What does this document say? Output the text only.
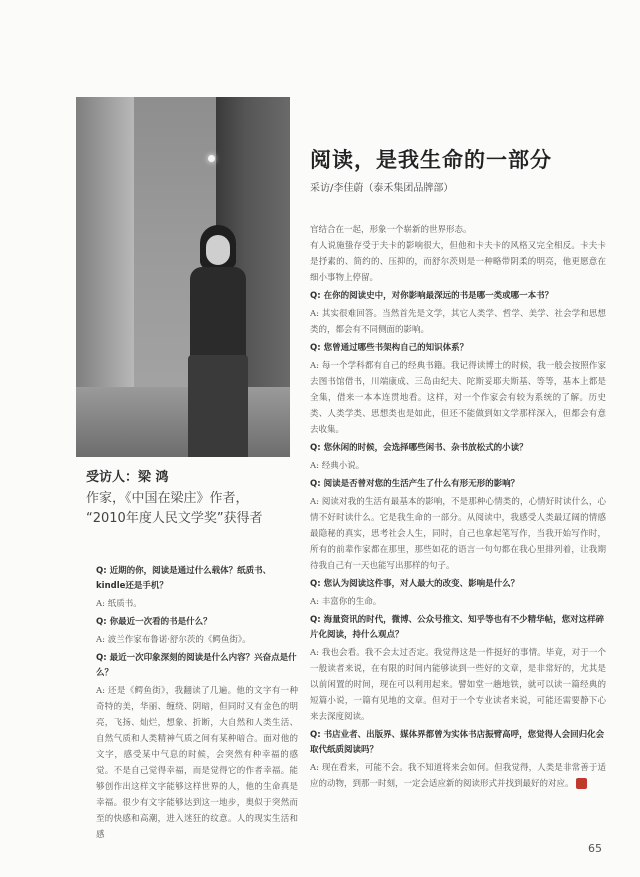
受访人：梁 鸿
作家，《中国在梁庄》作者，
“2010年度人民文学奖”获得者
阅读，是我生命的一部分
采访/李佳蔚（泰禾集团品牌部）

官结合在一起，形象一个崭新的世界形态。

有人说施蛰存受于夫卡的影响很大，但他和卡夫卡的风格又完全相反。卡夫卡是抒素的、简约的、压抑的，而舒尔茨则是一种略带阴柔的明亮，他更愿意在细小事物上停留。

Q: 在你的阅读史中，对你影响最深远的书是哪一类或哪一本书？

A: 其实很难回答。当然首先是文学，其它人类学、哲学、美学、社会学和思想类的，都会有不同侧面的影响。

Q: 您曾通过哪些书架构自己的知识体系？

A: 每一个学科都有自己的经典书籍。我记得读博士的时候，我一般会按照作家去图书馆借书，川端康成、三岛由纪夫、陀斯妥耶夫斯基、等等，基本上都是全集，借来一本本连贯地看。这样，对一个作家会有较为系统的了解。历史类、人类学类、思想类也是如此，但还不能做到如文学那样深入，但都会有意去收集。

Q: 您休闲的时候，会选择哪些闲书、杂书放松式的小读？

A: 经典小说。

Q: 阅读是否曾对您的生活产生了什么有形无形的影响？

A: 阅读对我的生活有最基本的影响，不是那种心情类的，心情好时读什么，心情不好时读什么。它是我生命的一部分。从阅读中，我感受人类最辽阔的情感最隐秘的真实，思考社会人生，同时，自己也拿起笔写作，当我开始写作时，所有的前辈作家都在那里，那些如花的语言一句句都在我心里排列着，让我期待我自己有一天也能写出那样的句子。

Q: 您认为阅读这件事，对人最大的改变、影响是什么？

A: 丰富你的生命。

Q: 海量资讯的时代，微博、公众号推文、知乎等也有不少精华帖，您对这样碎片化阅读，持什么观点？

A: 我也会看。我不会太过否定。我觉得这是一件挺好的事情。毕竟，对于一个一般读者来说，在有限的时间内能够读到一些好的文章，是非常好的，尤其是以前闲置的时间，现在可以利用起来。譬如堂一趟地铁，就可以读一篇经典的短篇小说，一篇有见地的文章。但对于一个专业读者来说，可能还需要静下心来去深度阅读。

Q: 书店业者、出版界、媒体界都曾为实体书店振臂高呼，您觉得人会回归化会取代纸质阅读吗？

A: 现在看来，可能不会。我不知道将来会如何。但我觉得，人类是非常善于适应的动物，到那一时刻，一定会适应新的阅读形式并找到最好的对应。

Q: 近期的你，阅读是通过什么载体？纸质书、kindle还是手机？

A: 纸质书。

Q: 你最近一次看的书是什么？

A: 波兰作家布鲁诺·舒尔茨的《鳄鱼街》。

Q: 最近一次印象深刻的阅读是什么内容？兴奋点是什么？

A: 还是《鳄鱼街》，我翻读了几遍。他的文字有一种奇特的美，华丽、缠绕、阴暗，但同时又有金色的明亮，飞扬、灿烂，想象、折断，大自然和人类生活、自然气质和人类精神气质之间有某种暗合。面对他的文字，感受某中气息的时候，会突然有种幸福的感觉。不是自己觉得幸福，而是觉得它的作者幸福。能够创作出这样文字能够这样世界的人，他的生命真是幸福。很少有文字能够达到这一地步，奥似于突然而至的快感和高潮，进入迷狂的纹意。人的现实生活和感

65
